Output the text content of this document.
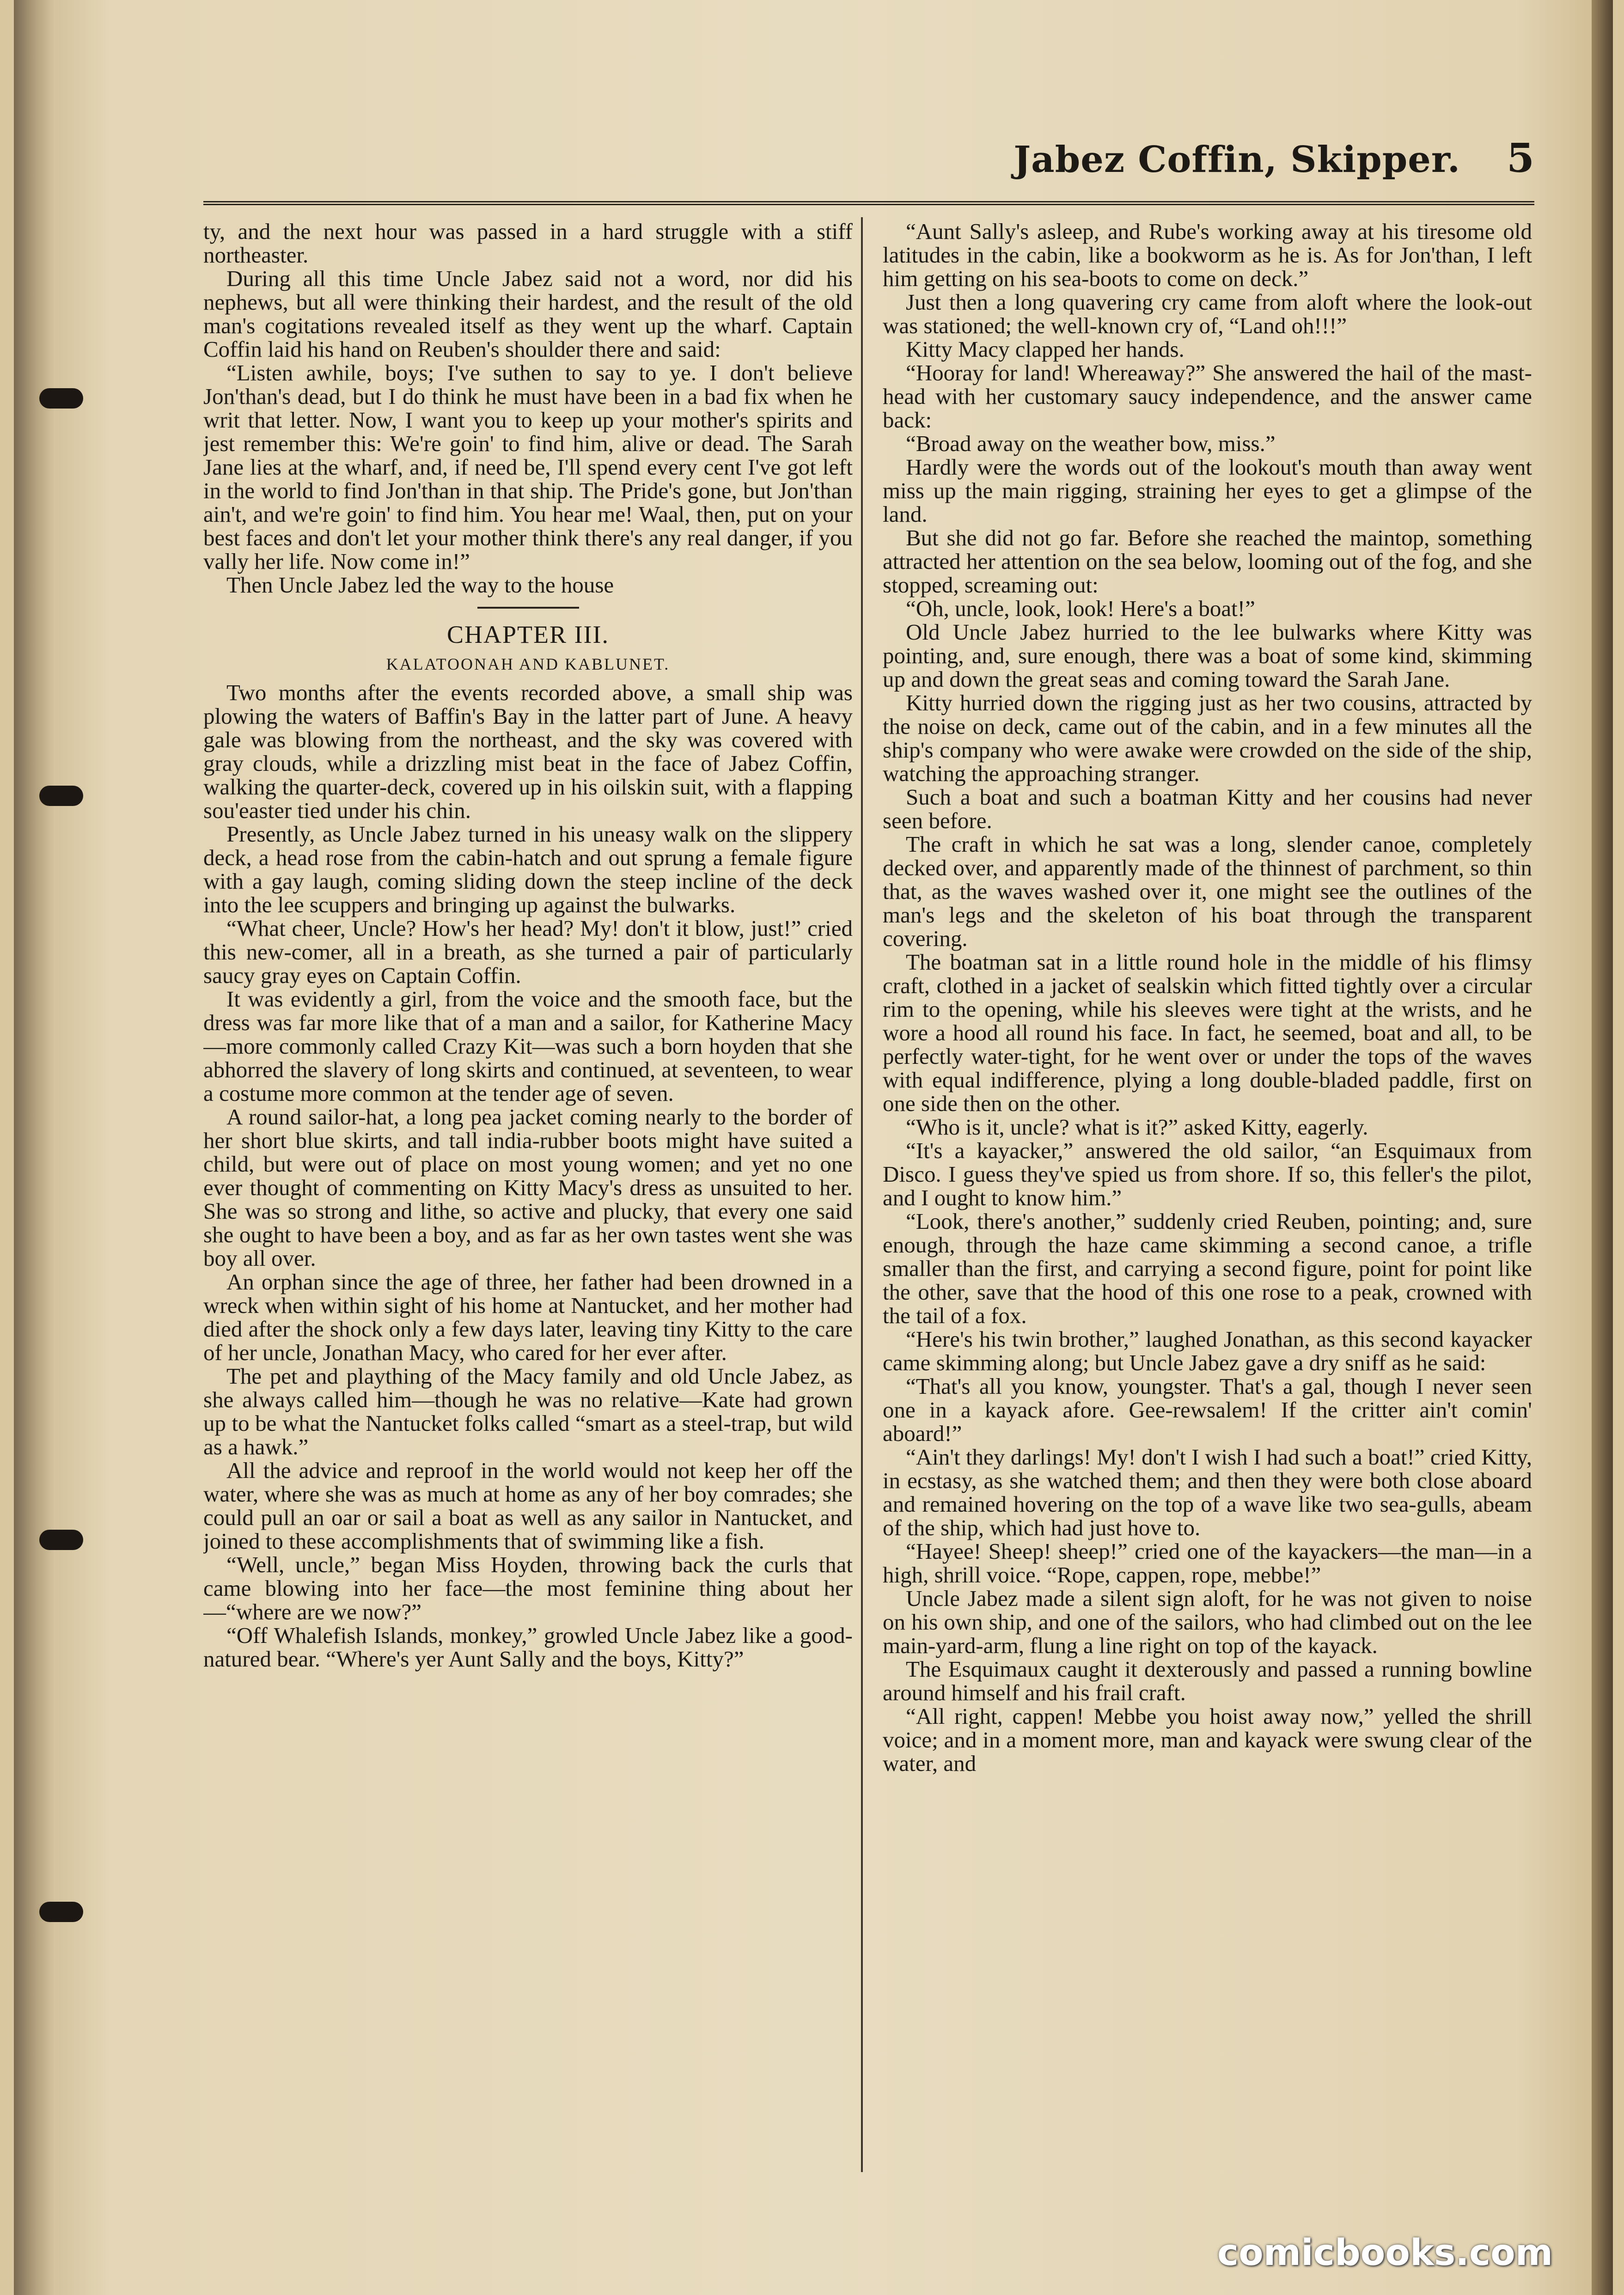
Jabez Coffin, Skipper.	5

ty, and the next hour was passed in a hard struggle with a stiff northeaster.

During all this time Uncle Jabez said not a word, nor did his nephews, but all were thinking their hardest, and the result of the old man's cogitations revealed itself as they went up the wharf. Captain Coffin laid his hand on Reuben's shoulder there and said:

“Listen awhile, boys; I've suthen to say to ye. I don't believe Jon'than's dead, but I do think he must have been in a bad fix when he writ that letter. Now, I want you to keep up your mother's spirits and jest remember this: We're goin' to find him, alive or dead. The Sarah Jane lies at the wharf, and, if need be, I'll spend every cent I've got left in the world to find Jon'than in that ship. The Pride's gone, but Jon'than ain't, and we're goin' to find him. You hear me! Waal, then, put on your best faces and don't let your mother think there's any real danger, if you vally her life. Now come in!”

Then Uncle Jabez led the way to the house

CHAPTER III.
KALATOONAH AND KABLUNET.

Two months after the events recorded above, a small ship was plowing the waters of Baffin's Bay in the latter part of June. A heavy gale was blowing from the northeast, and the sky was covered with gray clouds, while a drizzling mist beat in the face of Jabez Coffin, walking the quarter-deck, covered up in his oilskin suit, with a flapping sou'easter tied under his chin.

Presently, as Uncle Jabez turned in his uneasy walk on the slippery deck, a head rose from the cabin-hatch and out sprung a female figure with a gay laugh, coming sliding down the steep incline of the deck into the lee scuppers and bringing up against the bulwarks.

“What cheer, Uncle? How's her head? My! don't it blow, just!” cried this new-comer, all in a breath, as she turned a pair of particularly saucy gray eyes on Captain Coffin.

It was evidently a girl, from the voice and the smooth face, but the dress was far more like that of a man and a sailor, for Katherine Macy—more commonly called Crazy Kit—was such a born hoyden that she abhorred the slavery of long skirts and continued, at seventeen, to wear a costume more common at the tender age of seven.

A round sailor-hat, a long pea jacket coming nearly to the border of her short blue skirts, and tall india-rubber boots might have suited a child, but were out of place on most young women; and yet no one ever thought of commenting on Kitty Macy's dress as unsuited to her. She was so strong and lithe, so active and plucky, that every one said she ought to have been a boy, and as far as her own tastes went she was boy all over.

An orphan since the age of three, her father had been drowned in a wreck when within sight of his home at Nantucket, and her mother had died after the shock only a few days later, leaving tiny Kitty to the care of her uncle, Jonathan Macy, who cared for her ever after.

The pet and plaything of the Macy family and old Uncle Jabez, as she always called him—though he was no relative—Kate had grown up to be what the Nantucket folks called “smart as a steel-trap, but wild as a hawk.”

All the advice and reproof in the world would not keep her off the water, where she was as much at home as any of her boy comrades; she could pull an oar or sail a boat as well as any sailor in Nantucket, and joined to these accomplishments that of swimming like a fish.

“Well, uncle,” began Miss Hoyden, throwing back the curls that came blowing into her face—the most feminine thing about her—“where are we now?”

“Off Whalefish Islands, monkey,” growled Uncle Jabez like a good-natured bear. “Where's yer Aunt Sally and the boys, Kitty?”

“Aunt Sally's asleep, and Rube's working away at his tiresome old latitudes in the cabin, like a bookworm as he is. As for Jon'than, I left him getting on his sea-boots to come on deck.”

Just then a long quavering cry came from aloft where the look-out was stationed; the well-known cry of, “Land oh!!!”

Kitty Macy clapped her hands.

“Hooray for land! Whereaway?” She answered the hail of the mast-head with her customary saucy independence, and the answer came back:

“Broad away on the weather bow, miss.”

Hardly were the words out of the lookout's mouth than away went miss up the main rigging, straining her eyes to get a glimpse of the land.

But she did not go far. Before she reached the maintop, something attracted her attention on the sea below, looming out of the fog, and she stopped, screaming out:

“Oh, uncle, look, look! Here's a boat!”

Old Uncle Jabez hurried to the lee bulwarks where Kitty was pointing, and, sure enough, there was a boat of some kind, skimming up and down the great seas and coming toward the Sarah Jane.

Kitty hurried down the rigging just as her two cousins, attracted by the noise on deck, came out of the cabin, and in a few minutes all the ship's company who were awake were crowded on the side of the ship, watching the approaching stranger.

Such a boat and such a boatman Kitty and her cousins had never seen before.

The craft in which he sat was a long, slender canoe, completely decked over, and apparently made of the thinnest of parchment, so thin that, as the waves washed over it, one might see the outlines of the man's legs and the skeleton of his boat through the transparent covering.

The boatman sat in a little round hole in the middle of his flimsy craft, clothed in a jacket of sealskin which fitted tightly over a circular rim to the opening, while his sleeves were tight at the wrists, and he wore a hood all round his face. In fact, he seemed, boat and all, to be perfectly water-tight, for he went over or under the tops of the waves with equal indifference, plying a long double-bladed paddle, first on one side then on the other.

“Who is it, uncle? what is it?” asked Kitty, eagerly.

“It's a kayacker,” answered the old sailor, “an Esquimaux from Disco. I guess they've spied us from shore. If so, this feller's the pilot, and I ought to know him.”

“Look, there's another,” suddenly cried Reuben, pointing; and, sure enough, through the haze came skimming a second canoe, a trifle smaller than the first, and carrying a second figure, point for point like the other, save that the hood of this one rose to a peak, crowned with the tail of a fox.

“Here's his twin brother,” laughed Jonathan, as this second kayacker came skimming along; but Uncle Jabez gave a dry sniff as he said:

“That's all you know, youngster. That's a gal, though I never seen one in a kayack afore. Gee-rewsalem! If the critter ain't comin' aboard!”

“Ain't they darlings! My! don't I wish I had such a boat!” cried Kitty, in ecstasy, as she watched them; and then they were both close aboard and remained hovering on the top of a wave like two sea-gulls, abeam of the ship, which had just hove to.

“Hayee! Sheep! sheep!” cried one of the kayackers—the man—in a high, shrill voice. “Rope, cappen, rope, mebbe!”

Uncle Jabez made a silent sign aloft, for he was not given to noise on his own ship, and one of the sailors, who had climbed out on the lee main-yard-arm, flung a line right on top of the kayack.

The Esquimaux caught it dexterously and passed a running bowline around himself and his frail craft.

“All right, cappen! Mebbe you hoist away now,” yelled the shrill voice; and in a moment more, man and kayack were swung clear of the water, and

comicbooks.com
